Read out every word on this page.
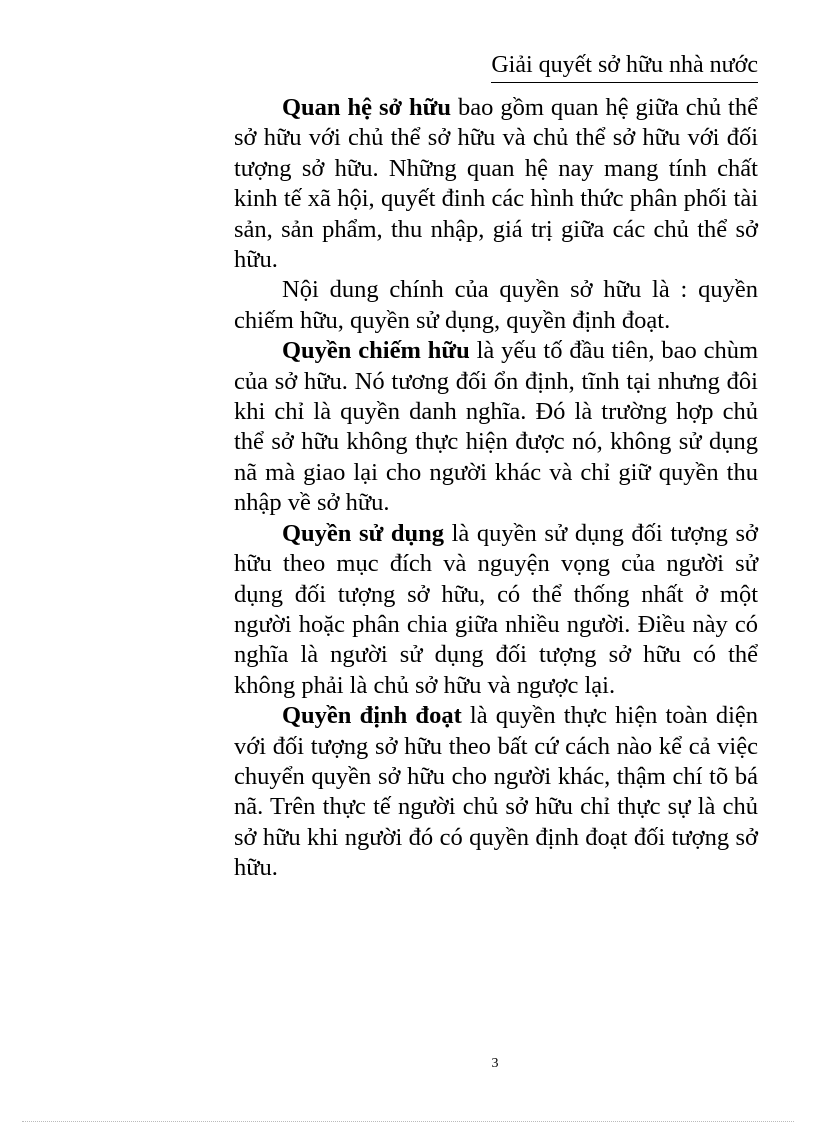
Giải quyết sở hữu nhà nước

Quan hệ sở hữu bao gồm quan hệ giữa chủ thể sở hữu với chủ thể sở hữu và chủ thể sở hữu với đối tượng sở hữu. Những quan hệ nay mang tính chất kinh tế xã hội, quyết đinh các hình thức phân phối tài sản, sản phẩm, thu nhập, giá trị giữa các chủ thể sở hữu.

Nội dung chính của quyền sở hữu là : quyền chiếm hữu, quyền sử dụng, quyền định đoạt.

Quyền chiếm hữu là yếu tố đầu tiên, bao chùm của sở hữu. Nó tương đối ổn định, tĩnh tại nhưng đôi khi chỉ là quyền danh nghĩa. Đó là trường hợp chủ thể sở hữu không thực hiện được nó, không sử dụng nã mà giao lại cho người khác và chỉ giữ quyền thu nhập về sở hữu.

Quyền sử dụng là quyền sử dụng đối tượng sở hữu theo mục đích và nguyện vọng của người sử dụng đối tượng sở hữu, có thể thống nhất ở một người hoặc phân chia giữa nhiều người. Điều này có nghĩa là người sử dụng đối tượng sở hữu có thể không phải là chủ sở hữu và ngược lại.

Quyền định đoạt là quyền thực hiện toàn diện với đối tượng sở hữu theo bất cứ cách nào kể cả việc chuyển quyền sở hữu cho người khác, thậm chí tõ bá nã. Trên thực tế người chủ sở hữu chỉ thực sự là chủ sở hữu khi người đó có quyền định đoạt đối tượng sở hữu.

3
